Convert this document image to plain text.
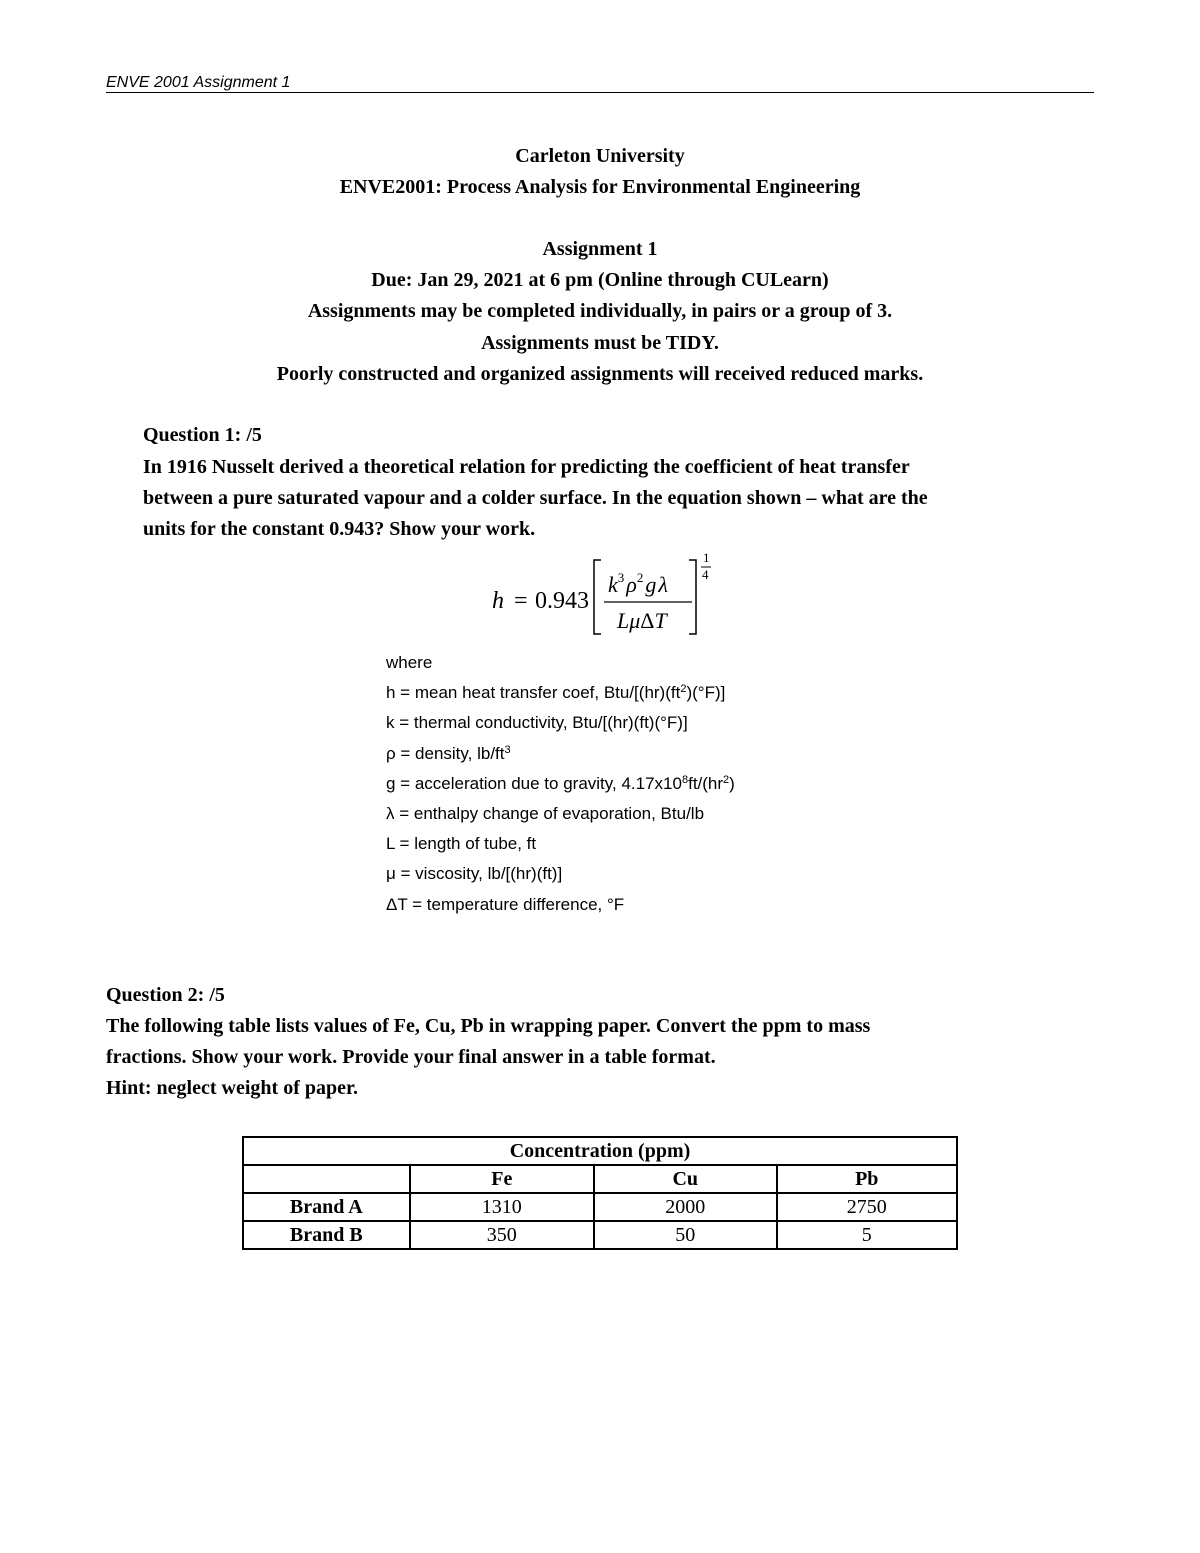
ENVE 2001 Assignment 1
Carleton University
ENVE2001: Process Analysis for Environmental Engineering
Assignment 1
Due: Jan 29, 2021 at 6 pm (Online through CULearn)
Assignments may be completed individually, in pairs or a group of 3.
Assignments must be TIDY.
Poorly constructed and organized assignments will received reduced marks.
Question 1: /5
In 1916 Nusselt derived a theoretical relation for predicting the coefficient of heat transfer
between a pure saturated vapour and a colder surface. In the equation shown – what are the
units for the constant 0.943? Show your work.
h = 0.943
$k^3\rho^2g\lambda$
LμΔT
1
4
where
h = mean heat transfer coef, Btu/$[(hr)(ft^2)(^\circ F)]$
k = thermal conductivity, Btu/[(hr)(ft)(°F)]
ρ = density, $lb/ft^3$
g = acceleration due to gravity, $4.17x10^8ft/(hr^2)$
λ = enthalpy change of evaporation, Btu/lb
L = length of tube, ft
μ = viscosity, lb/[(hr)(ft)]
ΔT = temperature difference, °F
Question 2: /5
The following table lists values of Fe, Cu, Pb in wrapping paper. Convert the ppm to mass
fractions. Show your work. Provide your final answer in a table format.
Hint: neglect weight of paper.
Concentration (ppm)			
	Fe	Cu	Pb
Brand A	1310	2000	2750
Brand B	350	50	5
